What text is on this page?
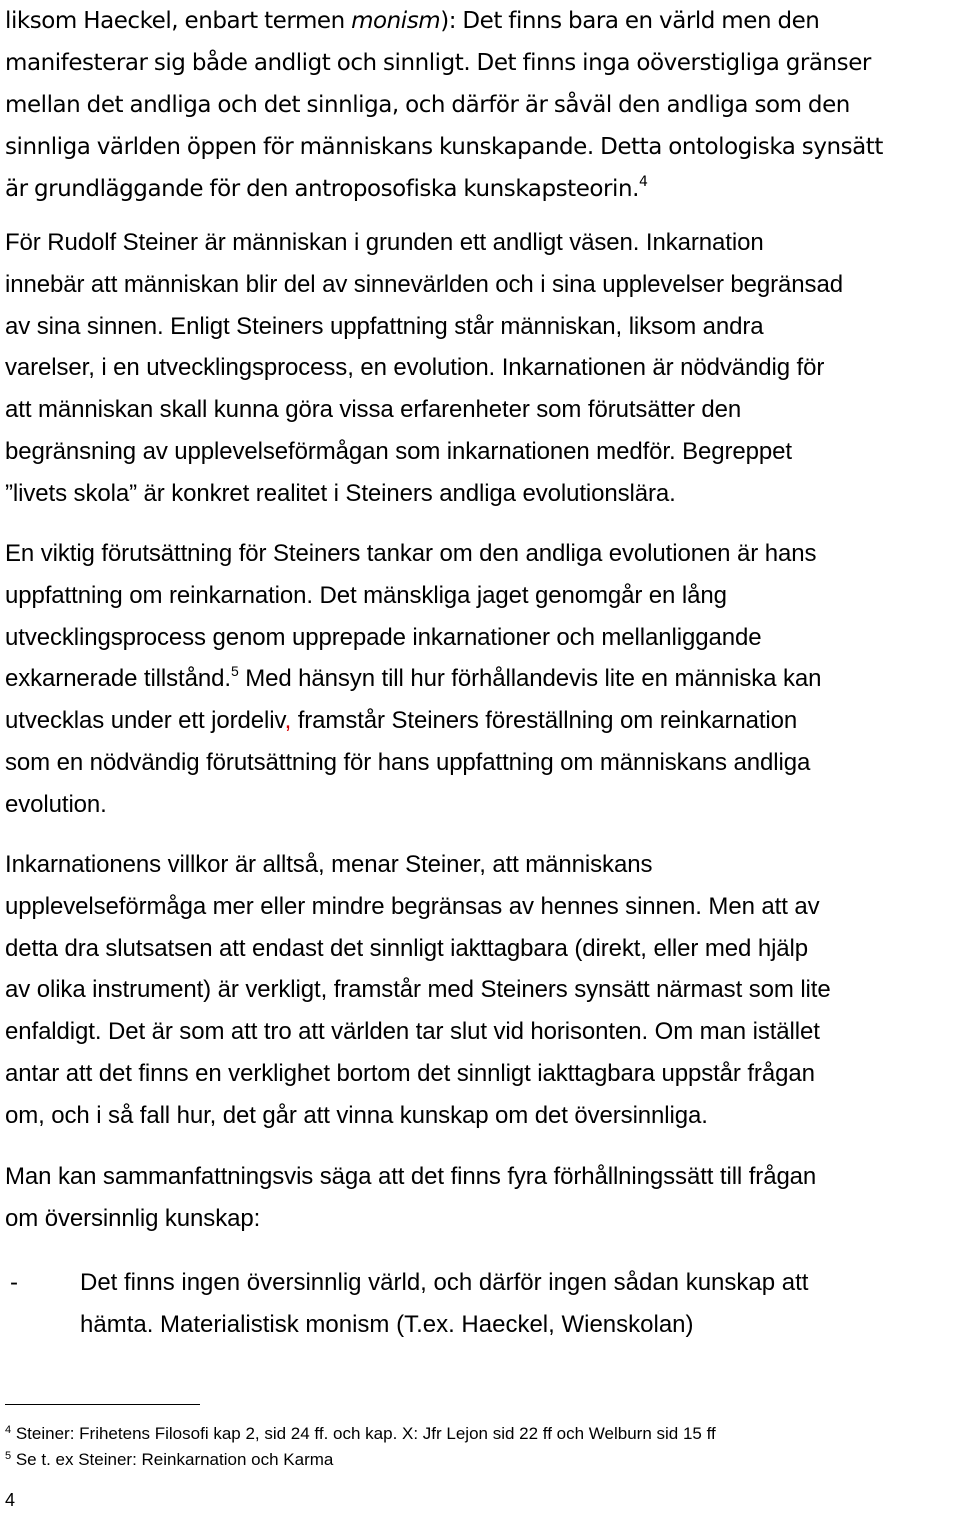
liksom Haeckel, enbart termen monism): Det finns bara en värld men den
manifesterar sig både andligt och sinnligt. Det finns inga oöverstigliga gränser
mellan det andliga och det sinnliga, och därför är såväl den andliga som den
sinnliga världen öppen för människans kunskapande. Detta ontologiska synsätt
är grundläggande för den antroposofiska kunskapsteorin.$^4$

För Rudolf Steiner är människan i grunden ett andligt väsen. Inkarnation
innebär att människan blir del av sinnevärlden och i sina upplevelser begränsad
av sina sinnen. Enligt Steiners uppfattning står människan, liksom andra
varelser, i en utvecklingsprocess, en evolution. Inkarnationen är nödvändig för
att människan skall kunna göra vissa erfarenheter som förutsätter den
begränsning av upplevelseförmågan som inkarnationen medför. Begreppet
”livets skola” är konkret realitet i Steiners andliga evolutionslära.

En viktig förutsättning för Steiners tankar om den andliga evolutionen är hans
uppfattning om reinkarnation. Det mänskliga jaget genomgår en lång
utvecklingsprocess genom upprepade inkarnationer och mellanliggande
exkarnerade tillstånd.$^5$ Med hänsyn till hur förhållandevis lite en människa kan
utvecklas under ett jordeliv, framstår Steiners föreställning om reinkarnation
som en nödvändig förutsättning för hans uppfattning om människans andliga
evolution.

Inkarnationens villkor är alltså, menar Steiner, att människans
upplevelseförmåga mer eller mindre begränsas av hennes sinnen. Men att av
detta dra slutsatsen att endast det sinnligt iakttagbara (direkt, eller med hjälp
av olika instrument) är verkligt, framstår med Steiners synsätt närmast som lite
enfaldigt. Det är som att tro att världen tar slut vid horisonten. Om man istället
antar att det finns en verklighet bortom det sinnligt iakttagbara uppstår frågan
om, och i så fall hur, det går att vinna kunskap om det översinnliga.

Man kan sammanfattningsvis säga att det finns fyra förhållningssätt till frågan
om översinnlig kunskap:

-	Det finns ingen översinnlig värld, och därför ingen sådan kunskap att
hämta. Materialistisk monism (T.ex. Haeckel, Wienskolan)
$^4$ Steiner: Frihetens Filosofi kap 2, sid 24 ff. och kap. X: Jfr Lejon sid 22 ff och Welburn sid 15 ff
$^5$ Se t. ex Steiner: Reinkarnation och Karma
4
